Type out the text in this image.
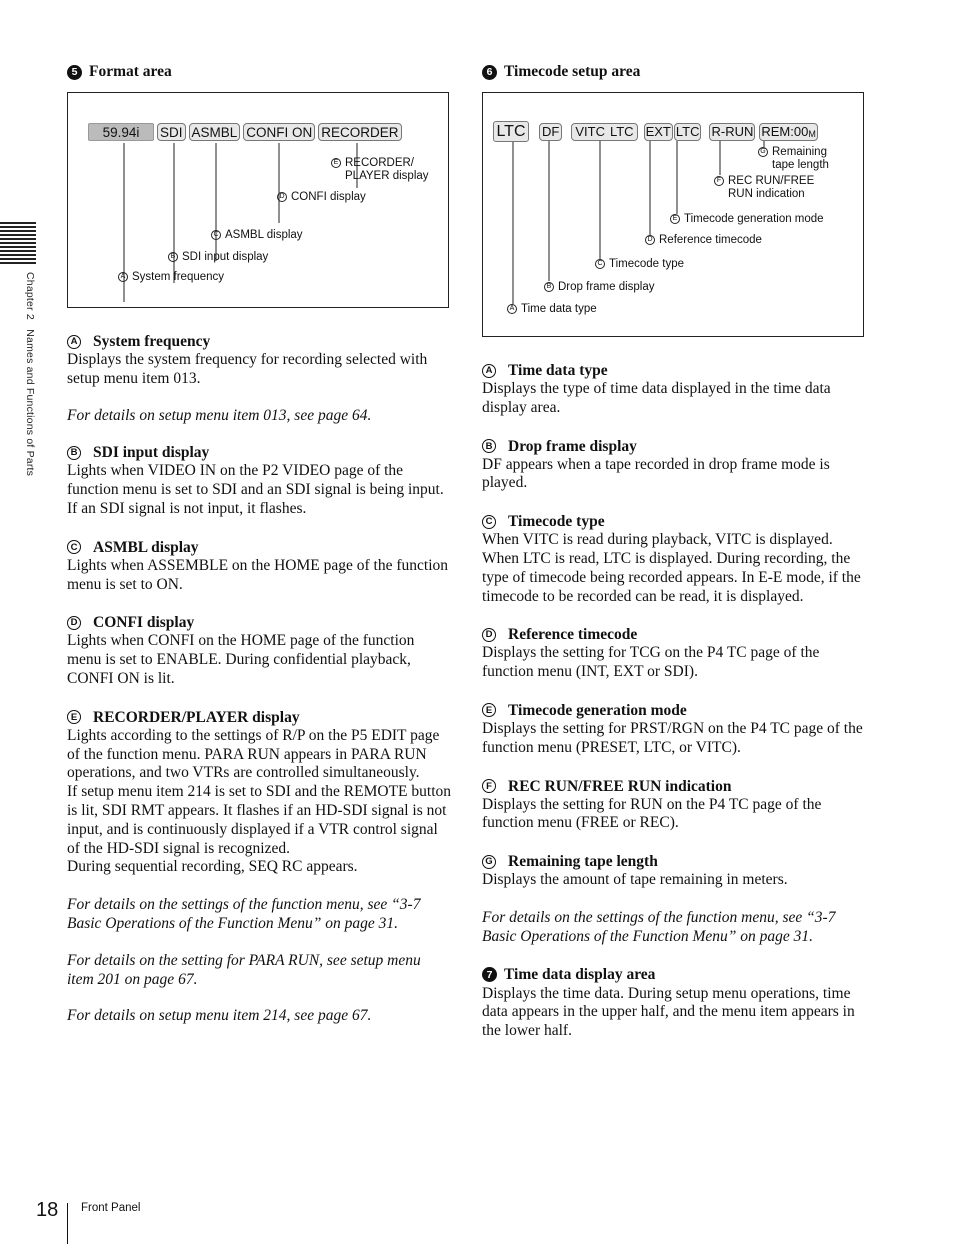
Chapter 2   Names and Functions of Parts
5 Format area
59.94i	SDI ASMBL CONFI ON RECORDER
E RECORDER/
PLAYER display
D CONFI display
C ASMBL display
B SDI input display
A System frequency
A System frequency
Displays the system frequency for recording selected with setup menu item 013.
For details on setup menu item 013, see page 64.
B SDI input display
Lights when VIDEO IN on the P2 VIDEO page of the function menu is set to SDI and an SDI signal is being input. If an SDI signal is not input, it flashes.
C ASMBL display
Lights when ASSEMBLE on the HOME page of the function menu is set to ON.
D CONFI display
Lights when CONFI on the HOME page of the function menu is set to ENABLE. During confidential playback, CONFI ON is lit.
E RECORDER/PLAYER display
Lights according to the settings of R/P on the P5 EDIT page of the function menu. PARA RUN appears in PARA RUN operations, and two VTRs are controlled simultaneously.
If setup menu item 214 is set to SDI and the REMOTE button is lit, SDI RMT appears. It flashes if an HD-SDI signal is not input, and is continuously displayed if a VTR control signal of the HD-SDI signal is recognized.
During sequential recording, SEQ RC appears.
For details on the settings of the function menu, see “3-7 Basic Operations of the Function Menu” on page 31.
For details on the setting for PARA RUN, see setup menu item 201 on page 67.
For details on setup menu item 214, see page 67.
6 Timecode setup area
LTC DF VITC LTC EXT LTC R-RUN REM:00 M
G Remaining
tape length
F REC RUN/FREE
RUN indication
E Timecode generation mode
D Reference timecode
C Timecode type
B Drop frame display
A Time data type
A Time data type
Displays the type of time data displayed in the time data display area.
B Drop frame display
DF appears when a tape recorded in drop frame mode is played.
C Timecode type
When VITC is read during playback, VITC is displayed. When LTC is read, LTC is displayed. During recording, the type of timecode being recorded appears. In E-E mode, if the timecode to be recorded can be read, it is displayed.
D Reference timecode
Displays the setting for TCG on the P4 TC page of the function menu (INT, EXT or SDI).
E Timecode generation mode
Displays the setting for PRST/RGN on the P4 TC page of the function menu (PRESET, LTC, or VITC).
F REC RUN/FREE RUN indication
Displays the setting for RUN on the P4 TC page of the function menu (FREE or REC).
G Remaining tape length
Displays the amount of tape remaining in meters.
For details on the settings of the function menu, see “3-7 Basic Operations of the Function Menu” on page 31.
7 Time data display area
Displays the time data. During setup menu operations, time data appears in the upper half, and the menu item appears in the lower half.
18 Front Panel
